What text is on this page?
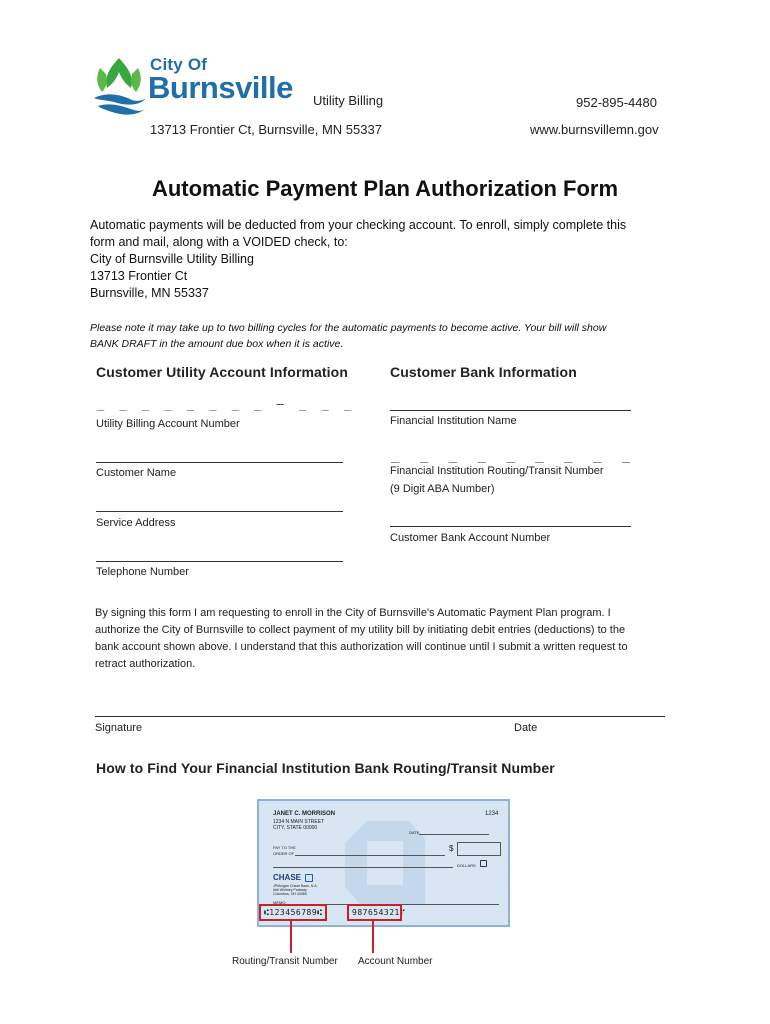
City Of
Burnsville Utility Billing	952-895-4480
13713 Frontier Ct, Burnsville, MN 55337	www.burnsvillemn.gov
Automatic Payment Plan Authorization Form
Automatic payments will be deducted from your checking account. To enroll, simply complete this
form and mail, along with a VOIDED check, to:
City of Burnsville Utility Billing
13713 Frontier Ct
Burnsville, MN 55337
Please note it may take up to two billing cycles for the automatic payments to become active. Your bill will show
BANK DRAFT in the amount due box when it is active.
Customer Utility Account Information
_ _ _ _ _ _ _ _ – _ _ _
Utility Billing Account Number
Customer Name
Service Address
Telephone Number
Customer Bank Information
Financial Institution Name
_ _ _ _ _ _ _ _ _
Financial Institution Routing/Transit Number
(9 Digit ABA Number)
Customer Bank Account Number
By signing this form I am requesting to enroll in the City of Burnsville's Automatic Payment Plan program. I
authorize the City of Burnsville to collect payment of my utility bill by initiating debit entries (deductions) to the
bank account shown above. I understand that this authorization will continue until I submit a written request to
retract authorization.
Signature	Date
How to Find Your Financial Institution Bank Routing/Transit Number
JANET C. MORRISON
1234 N MAIN STREET
CITY, STATE 00000
1234
DATE
PAY TO THE
ORDER OF
$
DOLLARS
CHASE
JPMorgan Chase Bank, N.A.
### Whitney Parkway
Columbus, OH 43085
MEMO
⑆123456789⑆	987654321⑈
Routing/Transit Number Account Number
